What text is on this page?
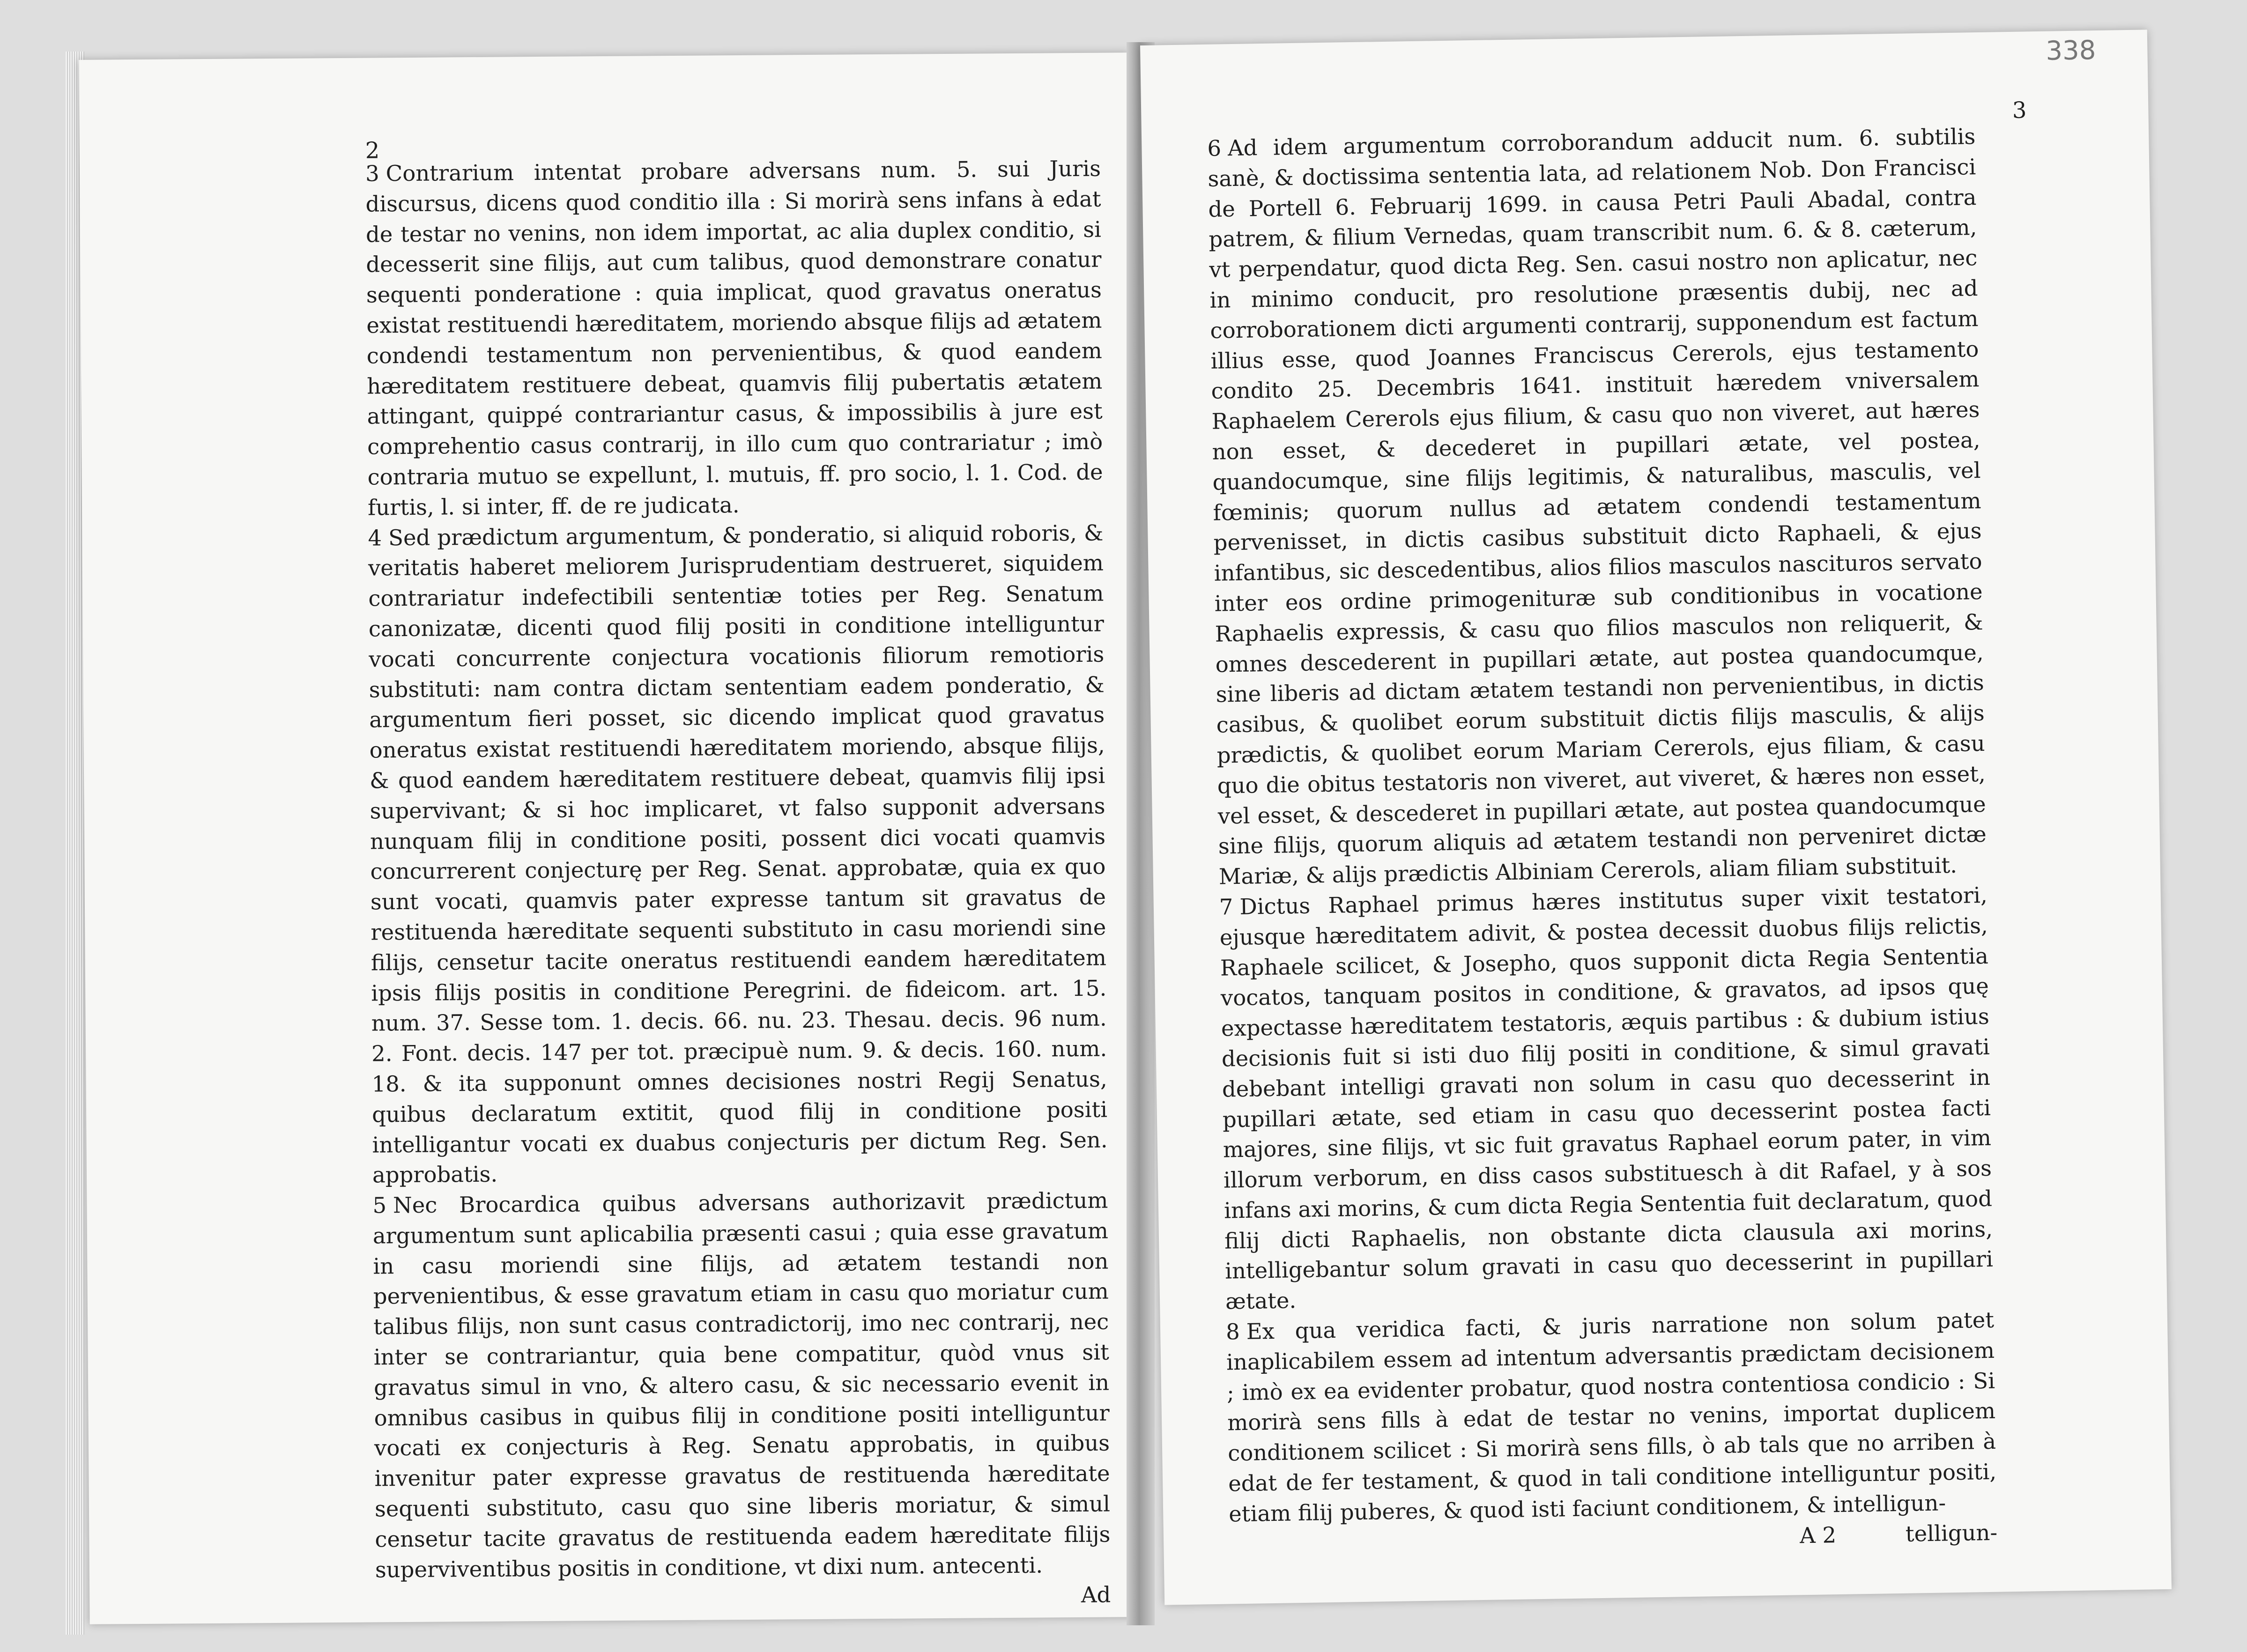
2

3 Contrarium intentat probare adversans num. 5. sui Juris discursus, dicens quod conditio illa : Si morirà sens infans à edat de testar no venins, non idem importat, ac alia duplex conditio, si decesserit sine filijs, aut cum talibus, quod demonstrare conatur sequenti ponderatione : quia implicat, quod gravatus oneratus existat restituendi hæreditatem, moriendo absque filijs ad ætatem condendi testamentum non pervenientibus, & quod eandem hæreditatem restituere debeat, quamvis filij pubertatis ætatem attingant, quippé contrariantur casus, & impossibilis à jure est comprehentio casus contrarij, in illo cum quo contrariatur ; imò contraria mutuo se expellunt, l. mutuis, ff. pro socio, l. 1. Cod. de furtis, l. si inter, ff. de re judicata.

4 Sed prædictum argumentum, & ponderatio, si aliquid roboris, & veritatis haberet meliorem Jurisprudentiam destrueret, siquidem contrariatur indefectibili sententiæ toties per Reg. Senatum canonizatæ, dicenti quod filij positi in conditione intelliguntur vocati concurrente conjectura vocationis filiorum remotioris substituti: nam contra dictam sententiam eadem ponderatio, & argumentum fieri posset, sic dicendo implicat quod gravatus oneratus existat restituendi hæreditatem moriendo, absque filijs, & quod eandem hæreditatem restituere debeat, quamvis filij ipsi supervivant; & si hoc implicaret, vt falso supponit adversans nunquam filij in conditione positi, possent dici vocati quamvis concurrerent conjecturę per Reg. Senat. approbatæ, quia ex quo sunt vocati, quamvis pater expresse tantum sit gravatus de restituenda hæreditate sequenti substituto in casu moriendi sine filijs, censetur tacite oneratus restituendi eandem hæreditatem ipsis filijs positis in conditione Peregrini. de fideicom. art. 15. num. 37. Sesse tom. 1. decis. 66. nu. 23. Thesau. decis. 96 num. 2. Font. decis. 147 per tot. præcipuè num. 9. & decis. 160. num. 18. & ita supponunt omnes decisiones nostri Regij Senatus, quibus declaratum extitit, quod filij in conditione positi intelligantur vocati ex duabus conjecturis per dictum Reg. Sen. approbatis.

5 Nec Brocardica quibus adversans authorizavit prædictum argumentum sunt aplicabilia præsenti casui ; quia esse gravatum in casu moriendi sine filijs, ad ætatem testandi non pervenientibus, & esse gravatum etiam in casu quo moriatur cum talibus filijs, non sunt casus contradictorij, imo nec contrarij, nec inter se contrariantur, quia bene compatitur, quòd vnus sit gravatus simul in vno, & altero casu, & sic necessario evenit in omnibus casibus in quibus filij in conditione positi intelliguntur vocati ex conjecturis à Reg. Senatu approbatis, in quibus invenitur pater expresse gravatus de restituenda hæreditate sequenti substituto, casu quo sine liberis moriatur, & simul censetur tacite gravatus de restituenda eadem hæreditate filijs superviventibus positis in conditione, vt dixi num. antecenti.

Ad

338
3

6 Ad idem argumentum corroborandum adducit num. 6. subtilis sanè, & doctissima sententia lata, ad relationem Nob. Don Francisci de Portell 6. Februarij 1699. in causa Petri Pauli Abadal, contra patrem, & filium Vernedas, quam transcribit num. 6. & 8. cæterum, vt perpendatur, quod dicta Reg. Sen. casui nostro non aplicatur, nec in minimo conducit, pro resolutione præsentis dubij, nec ad corroborationem dicti argumenti contrarij, supponendum est factum illius esse, quod Joannes Franciscus Cererols, ejus testamento condito 25. Decembris 1641. instituit hæredem vniversalem Raphaelem Cererols ejus filium, & casu quo non viveret, aut hæres non esset, & decederet in pupillari ætate, vel postea, quandocumque, sine filijs legitimis, & naturalibus, masculis, vel fœminis; quorum nullus ad ætatem condendi testamentum pervenisset, in dictis casibus substituit dicto Raphaeli, & ejus infantibus, sic descedentibus, alios filios masculos nascituros servato inter eos ordine primogenituræ sub conditionibus in vocatione Raphaelis expressis, & casu quo filios masculos non reliquerit, & omnes descederent in pupillari ætate, aut postea quandocumque, sine liberis ad dictam ætatem testandi non pervenientibus, in dictis casibus, & quolibet eorum substituit dictis filijs masculis, & alijs prædictis, & quolibet eorum Mariam Cererols, ejus filiam, & casu quo die obitus testatoris non viveret, aut viveret, & hæres non esset, vel esset, & descederet in pupillari ætate, aut postea quandocumque sine filijs, quorum aliquis ad ætatem testandi non perveniret dictæ Mariæ, & alijs prædictis Albiniam Cererols, aliam filiam substituit.

7 Dictus Raphael primus hæres institutus super vixit testatori, ejusque hæreditatem adivit, & postea decessit duobus filijs relictis, Raphaele scilicet, & Josepho, quos supponit dicta Regia Sententia vocatos, tanquam positos in conditione, & gravatos, ad ipsos quę expectasse hæreditatem testatoris, æquis partibus : & dubium istius decisionis fuit si isti duo filij positi in conditione, & simul gravati debebant intelligi gravati non solum in casu quo decesserint in pupillari ætate, sed etiam in casu quo decesserint postea facti majores, sine filijs, vt sic fuit gravatus Raphael eorum pater, in vim illorum verborum, en diss casos substituesch à dit Rafael, y à sos infans axi morins, & cum dicta Regia Sententia fuit declaratum, quod filij dicti Raphaelis, non obstante dicta clausula axi morins, intelligebantur solum gravati in casu quo decesserint in pupillari ætate.

8 Ex qua veridica facti, & juris narratione non solum patet inaplicabilem essem ad intentum adversantis prædictam decisionem ; imò ex ea evidenter probatur, quod nostra contentiosa condicio : Si morirà sens fills à edat de testar no venins, importat duplicem conditionem scilicet : Si morirà sens fills, ò ab tals que no arriben à edat de fer testament, & quod in tali conditione intelliguntur positi, etiam filij puberes, & quod isti faciunt conditionem, & intelligun-

A 2	telligun-
